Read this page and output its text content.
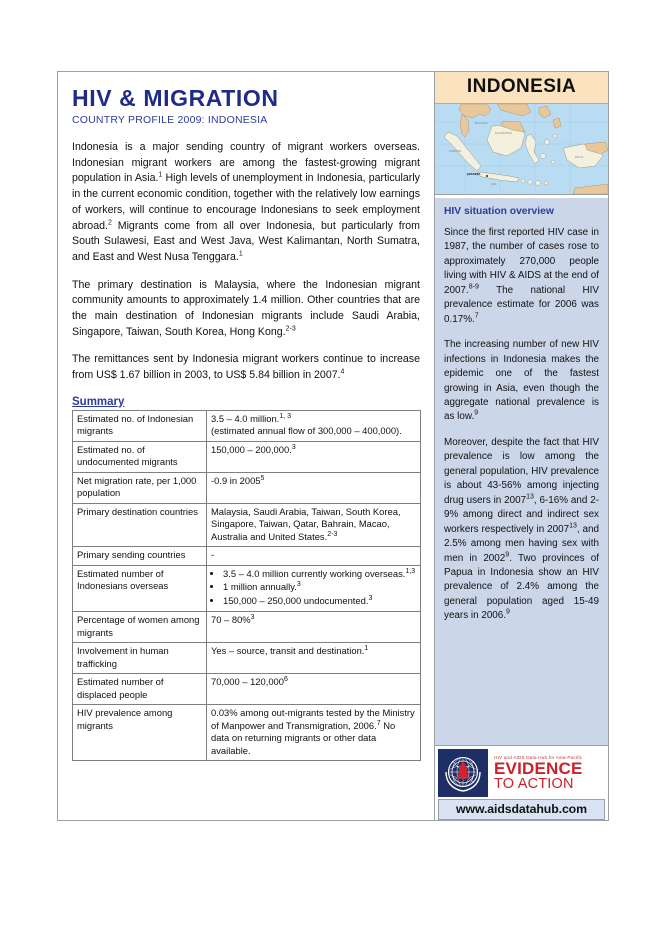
HIV & MIGRATION
COUNTRY PROFILE 2009: INDONESIA

Indonesia is a major sending country of migrant workers overseas. Indonesian migrant workers are among the fastest-growing migrant population in Asia.$^1$ High levels of unemployment in Indonesia, particularly in the current economic condition, together with the relatively low earnings of workers, will continue to encourage Indonesians to seek employment abroad.$^2$ Migrants come from all over Indonesia, but particularly from South Sulawesi, East and West Java, West Kalimantan, North Sumatra, and East and West Nusa Tenggara.$^1$

The primary destination is Malaysia, where the Indonesian migrant community amounts to approximately 1.4 million. Other countries that are the main destination of Indonesian migrants include Saudi Arabia, Singapore, Taiwan, South Korea, Hong Kong.$^{2-3}$

The remittances sent by Indonesia migrant workers continue to increase from US$ 1.67 billion in 2003, to US$ 5.84 billion in 2007.$^4$

Summary
Estimated no. of Indonesian migrants	3.5 – 4.0 million.$^{1, 3}$
(estimated annual flow of 300,000 – 400,000).

Estimated no. of undocumented migrants	150,000 – 200,000.$^3$

Net migration rate, per 1,000 population	-0.9 in 2005$^5$

Primary destination countries	Malaysia, Saudi Arabia, Taiwan, South Korea, Singapore, Taiwan, Qatar, Bahrain, Macao, Australia and United States.$^{2-3}$

Primary sending countries	-

Estimated number of Indonesians overseas	
• 3.5 – 4.0 million currently working overseas.$^{1,3}$
• 1 million annually.$^3$
• 150,000 – 250,000 undocumented.$^3$

Percentage of women among migrants	70 – 80%$^3$

Involvement in human trafficking	Yes – source, transit and destination.$^1$

Estimated number of displaced people	70,000 – 120,000$^6$

HIV prevalence among migrants	0.03% among out-migrants tested by the Ministry of Manpower and Transmigration, 2006.$^7$ No data on returning migrants or other data available.
INDONESIA
KALIMANTAN
SUMATRA
JAVA
PAPUA
MALAYSIA
JAKARTA
HIV situation overview

Since the first reported HIV case in 1987, the number of cases rose to approximately 270,000 people living with HIV & AIDS at the end of 2007.$^{8-9}$ The national HIV prevalence estimate for 2006 was 0.17%.$^7$

The increasing number of new HIV infections in Indonesia makes the epidemic one of the fastest growing in Asia, even though the aggregate national prevalence is as low.$^9$

Moreover, despite the fact that HIV prevalence is low among the general population, HIV prevalence is about 43-56% among injecting drug users in 2007$^{13}$, 6-16% and 2-9% among direct and indirect sex workers respectively in 2007$^{13}$, and 2.5% among men having sex with men in 2002$^9$. Two provinces of Papua in Indonesia show an HIV prevalence of 2.4% among the general population aged 15-49 years in 2006.$^9$

HIV and AIDS Data Hub for Asia-Pacific
EVIDENCE
TO ACTION
www.aidsdatahub.com
